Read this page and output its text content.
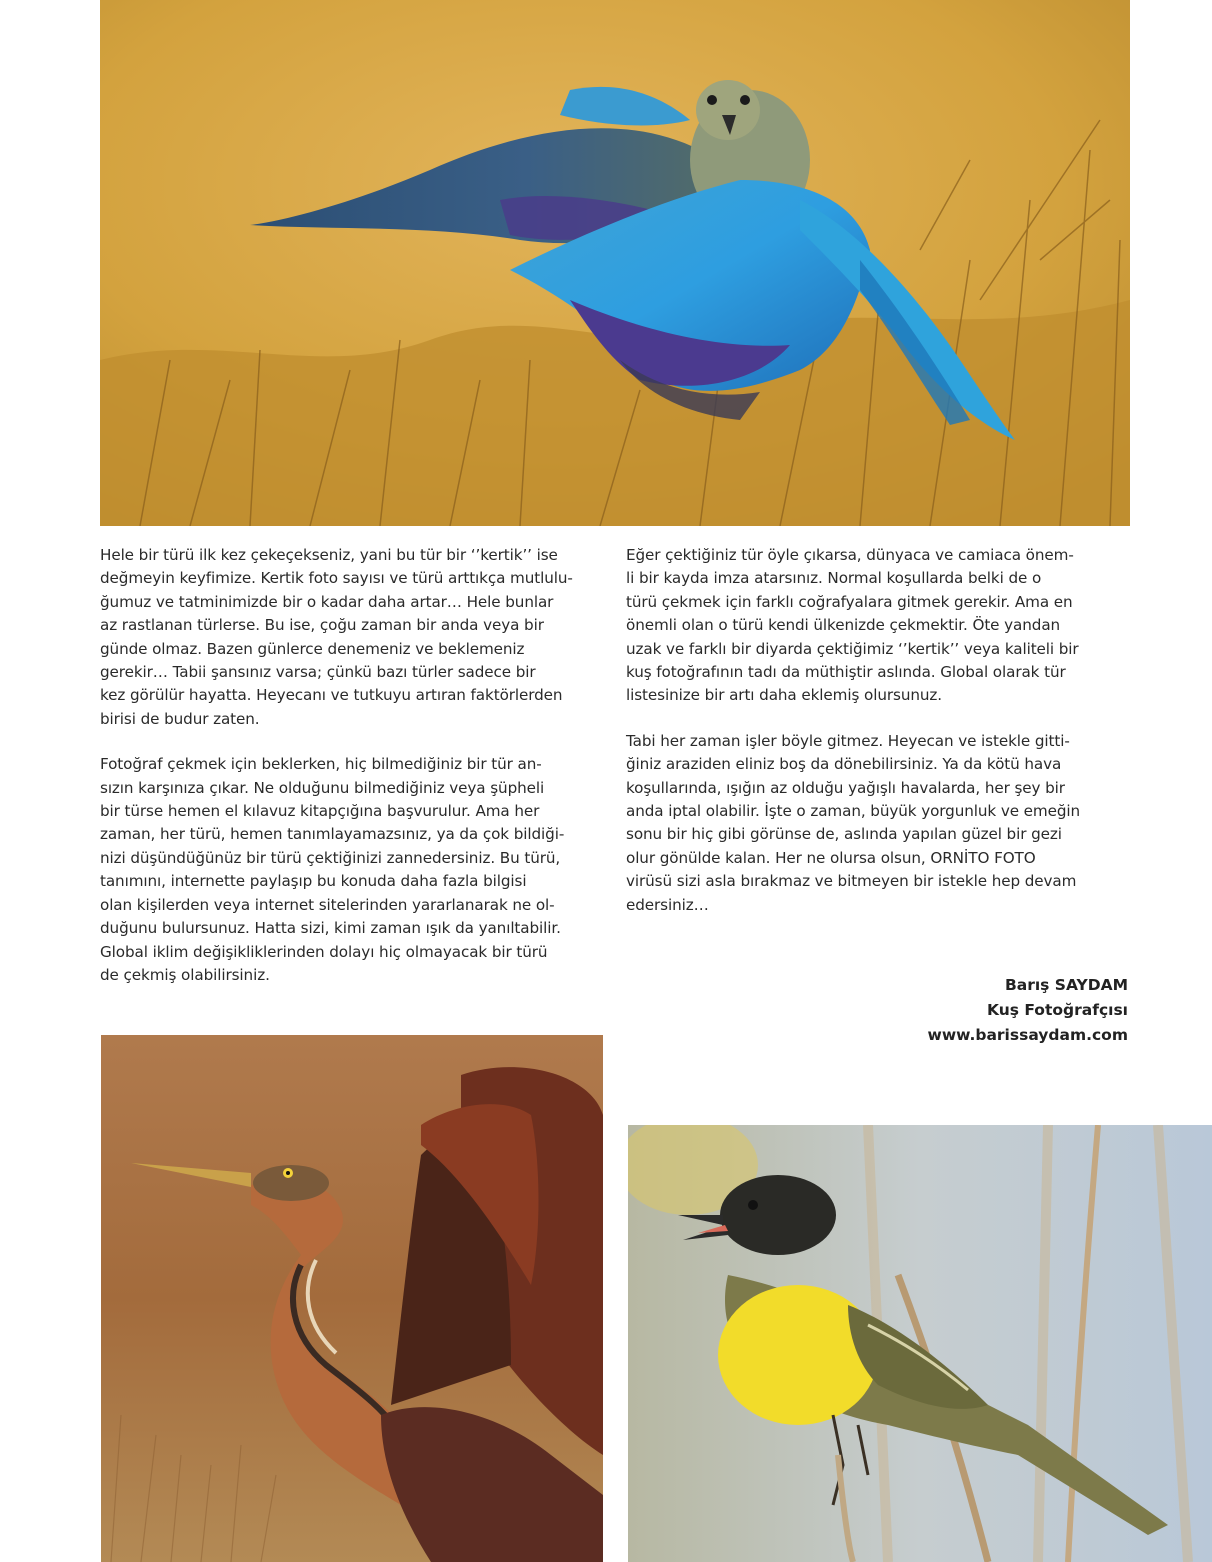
Hele bir türü ilk kez çekeçekseniz, yani bu tür bir ‘’kertik’’ ise
değmeyin keyfimize. Kertik foto sayısı ve türü arttıkça mutlulu-
ğumuz ve tatminimizde bir o kadar daha artar… Hele bunlar
az rastlanan türlerse. Bu ise, çoğu zaman bir anda veya bir
günde olmaz. Bazen günlerce denemeniz ve beklemeniz
gerekir… Tabii şansınız varsa; çünkü bazı türler sadece bir
kez görülür hayatta. Heyecanı ve tutkuyu artıran faktörlerden
birisi de budur zaten.

Fotoğraf çekmek için beklerken, hiç bilmediğiniz bir tür an-
sızın karşınıza çıkar. Ne olduğunu bilmediğiniz veya şüpheli
bir türse hemen el kılavuz kitapçığına başvurulur. Ama her
zaman, her türü, hemen tanımlayamazsınız, ya da çok bildiği-
nizi düşündüğünüz bir türü çektiğinizi zannedersiniz. Bu türü,
tanımını, internette paylaşıp bu konuda daha fazla bilgisi
olan kişilerden veya internet sitelerinden yararlanarak ne ol-
duğunu bulursunuz. Hatta sizi, kimi zaman ışık da yanıltabilir.
Global iklim değişikliklerinden dolayı hiç olmayacak bir türü
de çekmiş olabilirsiniz.

Eğer çektiğiniz tür öyle çıkarsa, dünyaca ve camiaca önem-
li bir kayda imza atarsınız. Normal koşullarda belki de o
türü çekmek için farklı coğrafyalara gitmek gerekir. Ama en
önemli olan o türü kendi ülkenizde çekmektir. Öte yandan
uzak ve farklı bir diyarda çektiğimiz ‘’kertik’’ veya kaliteli bir
kuş fotoğrafının tadı da müthiştir aslında. Global olarak tür
listesinize bir artı daha eklemiş olursunuz.

Tabi her zaman işler böyle gitmez. Heyecan ve istekle gitti-
ğiniz araziden eliniz boş da dönebilirsiniz. Ya da kötü hava
koşullarında, ışığın az olduğu yağışlı havalarda, her şey bir
anda iptal olabilir. İşte o zaman, büyük yorgunluk ve emeğin
sonu bir hiç gibi görünse de, aslında yapılan güzel bir gezi
olur gönülde kalan. Her ne olursa olsun, ORNİTO FOTO
virüsü sizi asla bırakmaz ve bitmeyen bir istekle hep devam
edersiniz…

Barış SAYDAM
Kuş Fotoğrafçısı
www.barissaydam.com
